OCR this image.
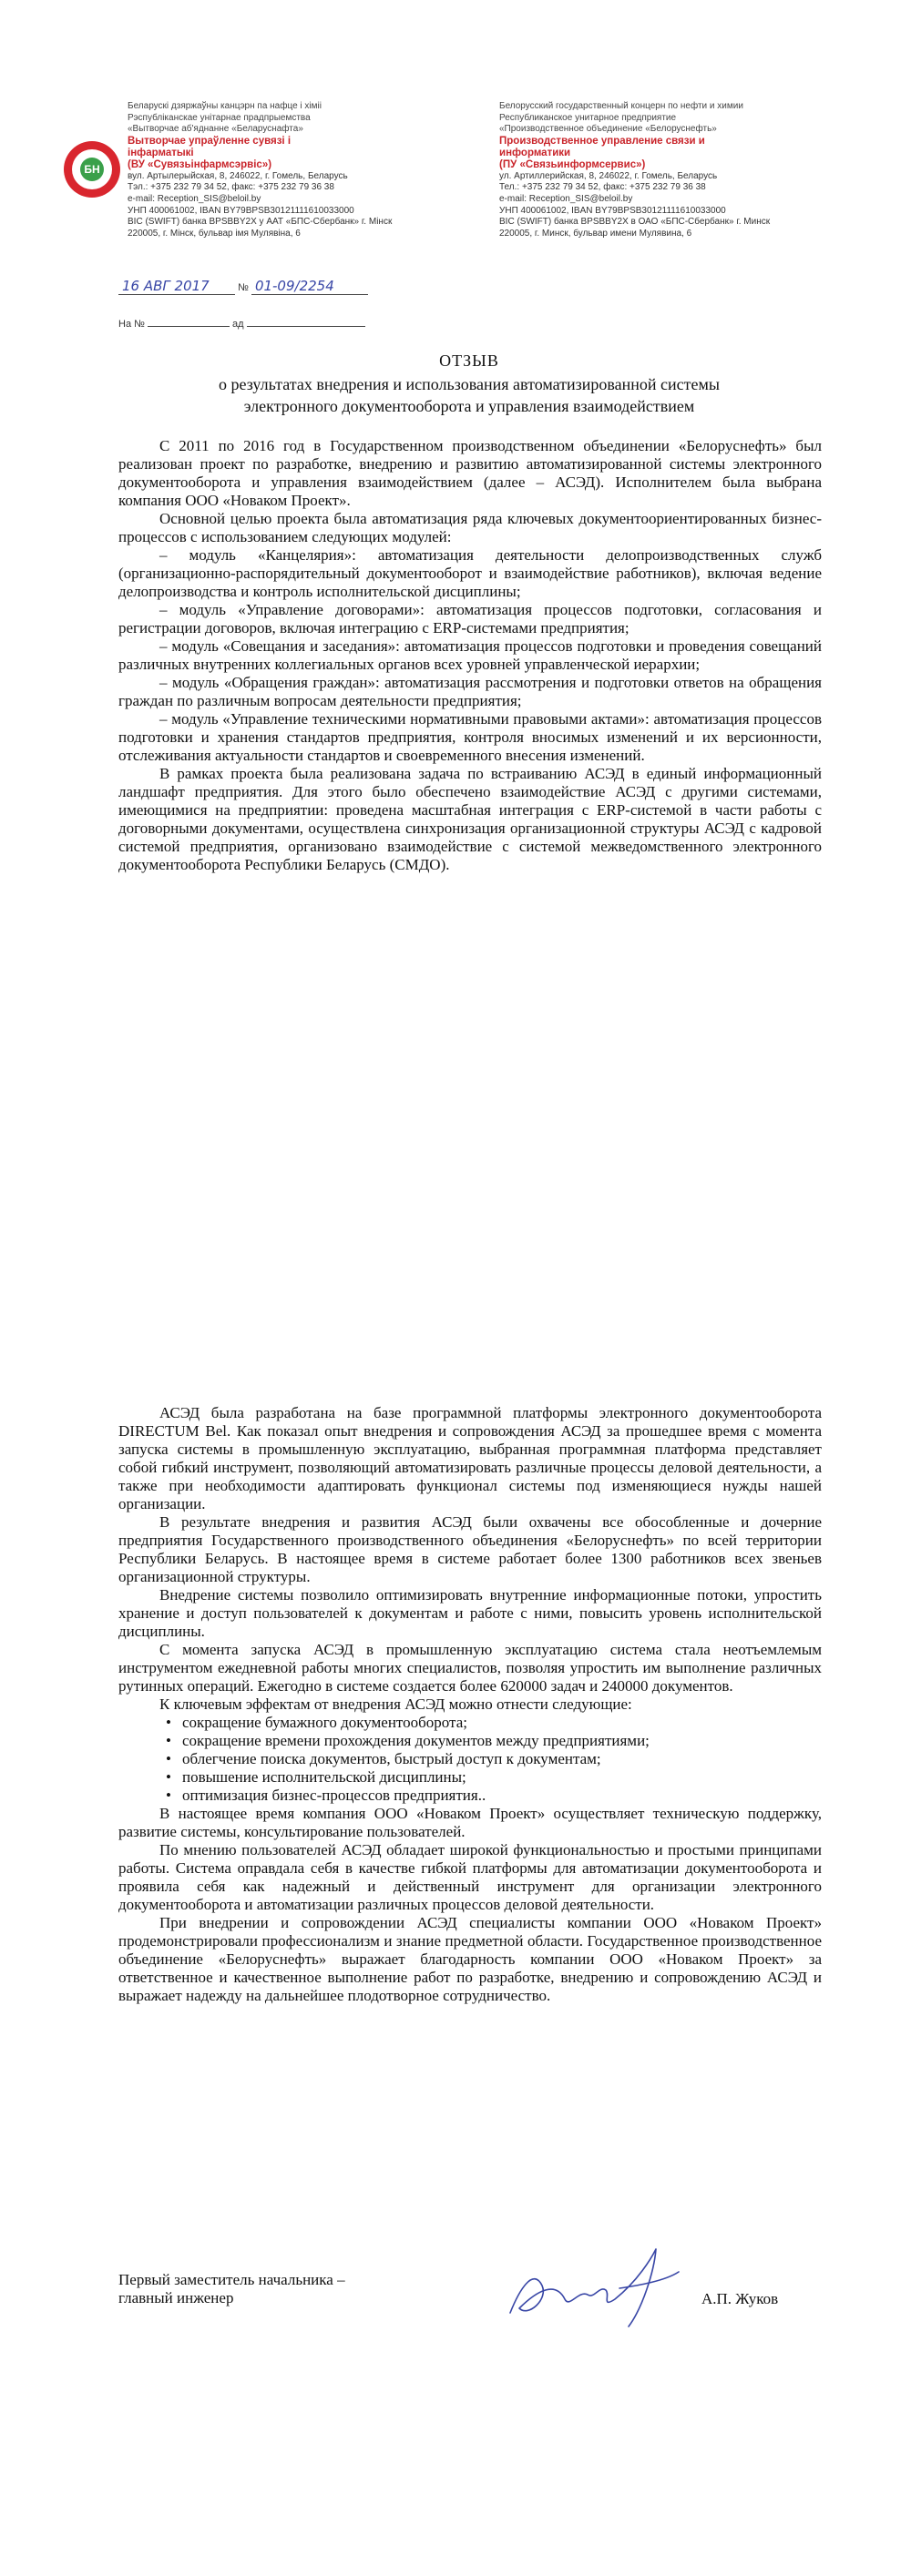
БН
Беларускі дзяржаўны канцэрн па нафце і хіміі
Рэспубліканскае унітарнае прадпрыемства
«Вытворчае аб'яднанне «Беларуснафта»
Вытворчае упраўленне сувязі і
інфарматыкі
(ВУ «Сувязьінфармсэрвіс»)
вул. Артылерыйская, 8, 246022, г. Гомель, Беларусь
Тэл.: +375 232 79 34 52, факс: +375 232 79 36 38
e-mail: Reception_SIS@beloil.by
УНП 400061002, IBAN BY79BPSB30121111610033000
BIC (SWIFT) банка BPSBBY2X у ААТ «БПС-Сбербанк» г. Мінск
220005, г. Мінск, бульвар імя Мулявіна, 6
Белорусский государственный концерн по нефти и химии
Республиканское унитарное предприятие
«Производственное объединение «Белоруснефть»
Производственное управление связи и
информатики
(ПУ «Связьинформсервис»)
ул. Артиллерийская, 8, 246022, г. Гомель, Беларусь
Тел.: +375 232 79 34 52, факс: +375 232 79 36 38
e-mail: Reception_SIS@beloil.by
УНП 400061002, IBAN BY79BPSB30121111610033000
BIC (SWIFT) банка BPSBBY2X в ОАО «БПС-Сбербанк» г. Минск
220005, г. Минск, бульвар имени Мулявина, 6
16 АВГ 2017	№ 01-09/2254
На №	ад
ОТЗЫВ
о результатах внедрения и использования автоматизированной системы
электронного документооборота и управления взаимодействием

С 2011 по 2016 год в Государственном производственном объединении «Белоруснефть» был реализован проект по разработке, внедрению и развитию автоматизированной системы электронного документооборота и управления взаимодействием (далее – АСЭД). Исполнителем была выбрана компания ООО «Новаком Проект».

Основной целью проекта была автоматизация ряда ключевых документоориентированных бизнес-процессов с использованием следующих модулей:

– модуль «Канцелярия»: автоматизация деятельности делопроизводственных служб (организационно-распорядительный документооборот и взаимодействие работников), включая ведение делопроизводства и контроль исполнительской дисциплины;

– модуль «Управление договорами»: автоматизация процессов подготовки, согласования и регистрации договоров, включая интеграцию с ERP-системами предприятия;

– модуль «Совещания и заседания»: автоматизация процессов подготовки и проведения совещаний различных внутренних коллегиальных органов всех уровней управленческой иерархии;

– модуль «Обращения граждан»: автоматизация рассмотрения и подготовки ответов на обращения граждан по различным вопросам деятельности предприятия;

– модуль «Управление техническими нормативными правовыми актами»: автоматизация процессов подготовки и хранения стандартов предприятия, контроля вносимых изменений и их версионности, отслеживания актуальности стандартов и своевременного внесения изменений.

В рамках проекта была реализована задача по встраиванию АСЭД в единый информационный ландшафт предприятия. Для этого было обеспечено взаимодействие АСЭД с другими системами, имеющимися на предприятии: проведена масштабная интеграция с ERP-системой в части работы с договорными документами, осуществлена синхронизация организационной структуры АСЭД с кадровой системой предприятия, организовано взаимодействие с системой межведомственного электронного документооборота Республики Беларусь (СМДО).

АСЭД была разработана на базе программной платформы электронного документооборота DIRECTUM Bel. Как показал опыт внедрения и сопровождения АСЭД за прошедшее время с момента запуска системы в промышленную эксплуатацию, выбранная программная платформа представляет собой гибкий инструмент, позволяющий автоматизировать различные процессы деловой деятельности, а также при необходимости адаптировать функционал системы под изменяющиеся нужды нашей организации.

В результате внедрения и развития АСЭД были охвачены все обособленные и дочерние предприятия Государственного производственного объединения «Белоруснефть» по всей территории Республики Беларусь. В настоящее время в системе работает более 1300 работников всех звеньев организационной структуры.

Внедрение системы позволило оптимизировать внутренние информационные потоки, упростить хранение и доступ пользователей к документам и работе с ними, повысить уровень исполнительской дисциплины.

С момента запуска АСЭД в промышленную эксплуатацию система стала неотъемлемым инструментом ежедневной работы многих специалистов, позволяя упростить им выполнение различных рутинных операций. Ежегодно в системе создается более 620000 задач и 240000 документов.

К ключевым эффектам от внедрения АСЭД можно отнести следующие:

• сокращение бумажного документооборота;
• сокращение времени прохождения документов между предприятиями;
• облегчение поиска документов, быстрый доступ к документам;
• повышение исполнительской дисциплины;
• оптимизация бизнес-процессов предприятия..

В настоящее время компания ООО «Новаком Проект» осуществляет техническую поддержку, развитие системы, консультирование пользователей.

По мнению пользователей АСЭД обладает широкой функциональностью и простыми принципами работы. Система оправдала себя в качестве гибкой платформы для автоматизации документооборота и проявила себя как надежный и действенный инструмент для организации электронного документооборота и автоматизации различных процессов деловой деятельности.

При внедрении и сопровождении АСЭД специалисты компании ООО «Новаком Проект» продемонстрировали профессионализм и знание предметной области. Государственное производственное объединение «Белоруснефть» выражает благодарность компании ООО «Новаком Проект» за ответственное и качественное выполнение работ по разработке, внедрению и сопровождению АСЭД и выражает надежду на дальнейшее плодотворное сотрудничество.

Первый заместитель начальника –
главный инженер	А.П. Жуков
